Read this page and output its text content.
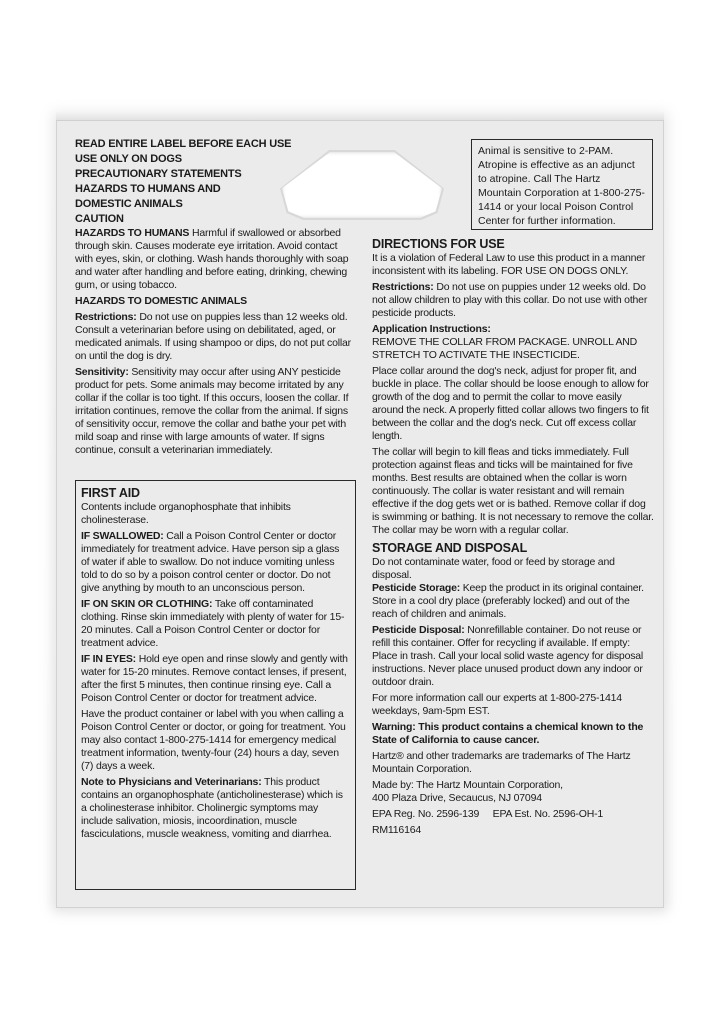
READ ENTIRE LABEL BEFORE EACH USE
USE ONLY ON DOGS
PRECAUTIONARY STATEMENTS
HAZARDS TO HUMANS AND
DOMESTIC ANIMALS
CAUTION

HAZARDS TO HUMANS Harmful if swallowed or absorbed through skin. Causes moderate eye irritation. Avoid contact with eyes, skin, or clothing. Wash hands thoroughly with soap and water after handling and before eating, drinking, chewing gum, or using tobacco.

HAZARDS TO DOMESTIC ANIMALS

Restrictions: Do not use on puppies less than 12 weeks old. Consult a veterinarian before using on debilitated, aged, or medicated animals. If using shampoo or dips, do not put collar on until the dog is dry.

Sensitivity: Sensitivity may occur after using ANY pesticide product for pets. Some animals may become irritated by any collar if the collar is too tight. If this occurs, loosen the collar. If irritation continues, remove the collar from the animal. If signs of sensitivity occur, remove the collar and bathe your pet with mild soap and rinse with large amounts of water. If signs continue, consult a veterinarian immediately.

Animal is sensitive to 2-PAM. Atropine is effective as an adjunct to atropine. Call The Hartz Mountain Corporation at 1-800-275-1414 or your local Poison Control Center for further information.
FIRST AID

Contents include organophosphate that inhibits cholinesterase.

IF SWALLOWED: Call a Poison Control Center or doctor immediately for treatment advice. Have person sip a glass of water if able to swallow. Do not induce vomiting unless told to do so by a poison control center or doctor. Do not give anything by mouth to an unconscious person.

IF ON SKIN OR CLOTHING: Take off contaminated clothing. Rinse skin immediately with plenty of water for 15-20 minutes. Call a Poison Control Center or doctor for treatment advice.

IF IN EYES: Hold eye open and rinse slowly and gently with water for 15-20 minutes. Remove contact lenses, if present, after the first 5 minutes, then continue rinsing eye. Call a Poison Control Center or doctor for treatment advice.

Have the product container or label with you when calling a Poison Control Center or doctor, or going for treatment. You may also contact 1-800-275-1414 for emergency medical treatment information, twenty-four (24) hours a day, seven (7) days a week.

Note to Physicians and Veterinarians: This product contains an organophosphate (anticholinesterase) which is a cholinesterase inhibitor. Cholinergic symptoms may include salivation, miosis, incoordination, muscle fasciculations, muscle weakness, vomiting and diarrhea.

DIRECTIONS FOR USE

It is a violation of Federal Law to use this product in a manner inconsistent with its labeling. FOR USE ON DOGS ONLY.

Restrictions: Do not use on puppies under 12 weeks old. Do not allow children to play with this collar. Do not use with other pesticide products.

Application Instructions:

REMOVE THE COLLAR FROM PACKAGE. UNROLL AND STRETCH TO ACTIVATE THE INSECTICIDE.

Place collar around the dog's neck, adjust for proper fit, and buckle in place. The collar should be loose enough to allow for growth of the dog and to permit the collar to move easily around the neck. A properly fitted collar allows two fingers to fit between the collar and the dog's neck. Cut off excess collar length.

The collar will begin to kill fleas and ticks immediately. Full protection against fleas and ticks will be maintained for five months. Best results are obtained when the collar is worn continuously. The collar is water resistant and will remain effective if the dog gets wet or is bathed. Remove collar if dog is swimming or bathing. It is not necessary to remove the collar. The collar may be worn with a regular collar.

STORAGE AND DISPOSAL

Do not contaminate water, food or feed by storage and disposal.

Pesticide Storage: Keep the product in its original container. Store in a cool dry place (preferably locked) and out of the reach of children and animals.

Pesticide Disposal: Nonrefillable container. Do not reuse or refill this container. Offer for recycling if available. If empty: Place in trash. Call your local solid waste agency for disposal instructions. Never place unused product down any indoor or outdoor drain.

For more information call our experts at 1-800-275-1414 weekdays, 9am-5pm EST.

Warning: This product contains a chemical known to the State of California to cause cancer.

Hartz® and other trademarks are trademarks of The Hartz Mountain Corporation.

Made by: The Hartz Mountain Corporation,

400 Plaza Drive, Secaucus, NJ 07094

EPA Reg. No. 2596-139     EPA Est. No. 2596-OH-1

RM116164
